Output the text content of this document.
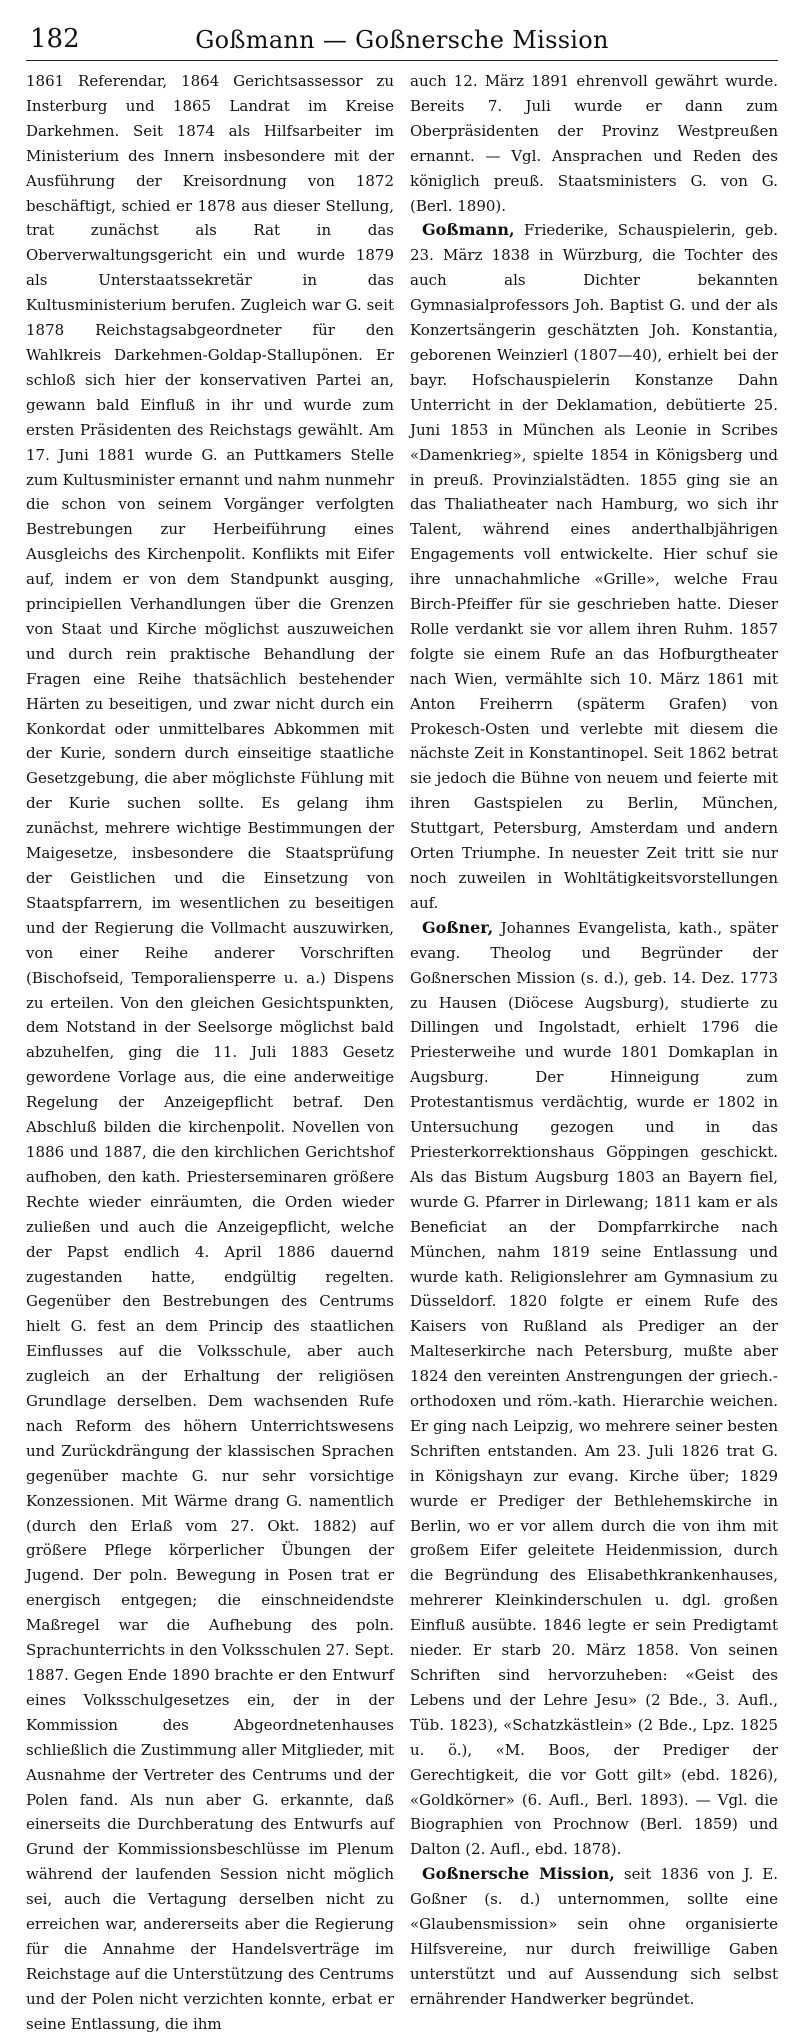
182	Goßmann — Goßnersche Mission

1861 Referendar, 1864 Gerichtsassessor zu Insterburg und 1865 Landrat im Kreise Darkehmen. Seit 1874 als Hilfsarbeiter im Ministerium des Innern insbesondere mit der Ausführung der Kreisordnung von 1872 beschäftigt, schied er 1878 aus dieser Stellung, trat zunächst als Rat in das Oberverwaltungsgericht ein und wurde 1879 als Unterstaatssekretär in das Kultusministerium berufen. Zugleich war G. seit 1878 Reichstagsabgeordneter für den Wahlkreis Darkehmen-Goldap-Stallupönen. Er schloß sich hier der konservativen Partei an, gewann bald Einfluß in ihr und wurde zum ersten Präsidenten des Reichstags gewählt. Am 17. Juni 1881 wurde G. an Puttkamers Stelle zum Kultusminister ernannt und nahm nunmehr die schon von seinem Vorgänger verfolgten Bestrebungen zur Herbeiführung eines Ausgleichs des Kirchenpolit. Konflikts mit Eifer auf, indem er von dem Standpunkt ausging, principiellen Verhandlungen über die Grenzen von Staat und Kirche möglichst auszuweichen und durch rein praktische Behandlung der Fragen eine Reihe thatsächlich bestehender Härten zu beseitigen, und zwar nicht durch ein Konkordat oder unmittelbares Abkommen mit der Kurie, sondern durch einseitige staatliche Gesetzgebung, die aber möglichste Fühlung mit der Kurie suchen sollte. Es gelang ihm zunächst, mehrere wichtige Bestimmungen der Maigesetze, insbesondere die Staatsprüfung der Geistlichen und die Einsetzung von Staatspfarrern, im wesentlichen zu beseitigen und der Regierung die Vollmacht auszuwirken, von einer Reihe anderer Vorschriften (Bischofseid, Temporaliensperre u. a.) Dispens zu erteilen. Von den gleichen Gesichtspunkten, dem Notstand in der Seelsorge möglichst bald abzuhelfen, ging die 11. Juli 1883 Gesetz gewordene Vorlage aus, die eine anderweitige Regelung der Anzeigepflicht betraf. Den Abschluß bilden die kirchenpolit. Novellen von 1886 und 1887, die den kirchlichen Gerichtshof aufhoben, den kath. Priesterseminaren größere Rechte wieder einräumten, die Orden wieder zuließen und auch die Anzeigepflicht, welche der Papst endlich 4. April 1886 dauernd zugestanden hatte, endgültig regelten. Gegenüber den Bestrebungen des Centrums hielt G. fest an dem Princip des staatlichen Einflusses auf die Volksschule, aber auch zugleich an der Erhaltung der religiösen Grundlage derselben. Dem wachsenden Rufe nach Reform des höhern Unterrichtswesens und Zurückdrängung der klassischen Sprachen gegenüber machte G. nur sehr vorsichtige Konzessionen. Mit Wärme drang G. namentlich (durch den Erlaß vom 27. Okt. 1882) auf größere Pflege körperlicher Übungen der Jugend. Der poln. Bewegung in Posen trat er energisch entgegen; die einschneidendste Maßregel war die Aufhebung des poln. Sprachunterrichts in den Volksschulen 27. Sept. 1887. Gegen Ende 1890 brachte er den Entwurf eines Volksschulgesetzes ein, der in der Kommission des Abgeordnetenhauses schließlich die Zustimmung aller Mitglieder, mit Ausnahme der Vertreter des Centrums und der Polen fand. Als nun aber G. erkannte, daß einerseits die Durchberatung des Entwurfs auf Grund der Kommissionsbeschlüsse im Plenum während der laufenden Session nicht möglich sei, auch die Vertagung derselben nicht zu erreichen war, andererseits aber die Regierung für die Annahme der Handelsverträge im Reichstage auf die Unterstützung des Centrums und der Polen nicht verzichten konnte, erbat er seine Entlassung, die ihm

auch 12. März 1891 ehrenvoll gewährt wurde. Bereits 7. Juli wurde er dann zum Oberpräsidenten der Provinz Westpreußen ernannt. — Vgl. Ansprachen und Reden des königlich preuß. Staatsministers G. von G. (Berl. 1890).

Goßmann, Friederike, Schauspielerin, geb. 23. März 1838 in Würzburg, die Tochter des auch als Dichter bekannten Gymnasialprofessors Joh. Baptist G. und der als Konzertsängerin geschätzten Joh. Konstantia, geborenen Weinzierl (1807—40), erhielt bei der bayr. Hofschauspielerin Konstanze Dahn Unterricht in der Deklamation, debütierte 25. Juni 1853 in München als Leonie in Scribes «Damenkrieg», spielte 1854 in Königsberg und in preuß. Provinzialstädten. 1855 ging sie an das Thaliatheater nach Hamburg, wo sich ihr Talent, während eines anderthalbjährigen Engagements voll entwickelte. Hier schuf sie ihre unnachahmliche «Grille», welche Frau Birch-Pfeiffer für sie geschrieben hatte. Dieser Rolle verdankt sie vor allem ihren Ruhm. 1857 folgte sie einem Rufe an das Hofburgtheater nach Wien, vermählte sich 10. März 1861 mit Anton Freiherrn (späterm Grafen) von Prokesch-Osten und verlebte mit diesem die nächste Zeit in Konstantinopel. Seit 1862 betrat sie jedoch die Bühne von neuem und feierte mit ihren Gastspielen zu Berlin, München, Stuttgart, Petersburg, Amsterdam und andern Orten Triumphe. In neuester Zeit tritt sie nur noch zuweilen in Wohltätigkeitsvorstellungen auf.

Goßner, Johannes Evangelista, kath., später evang. Theolog und Begründer der Goßnerschen Mission (s. d.), geb. 14. Dez. 1773 zu Hausen (Diöcese Augsburg), studierte zu Dillingen und Ingolstadt, erhielt 1796 die Priesterweihe und wurde 1801 Domkaplan in Augsburg. Der Hinneigung zum Protestantismus verdächtig, wurde er 1802 in Untersuchung gezogen und in das Priesterkorrektionshaus Göppingen geschickt. Als das Bistum Augsburg 1803 an Bayern fiel, wurde G. Pfarrer in Dirlewang; 1811 kam er als Beneficiat an der Dompfarrkirche nach München, nahm 1819 seine Entlassung und wurde kath. Religionslehrer am Gymnasium zu Düsseldorf. 1820 folgte er einem Rufe des Kaisers von Rußland als Prediger an der Malteserkirche nach Petersburg, mußte aber 1824 den vereinten Anstrengungen der griech.-orthodoxen und röm.-kath. Hierarchie weichen. Er ging nach Leipzig, wo mehrere seiner besten Schriften entstanden. Am 23. Juli 1826 trat G. in Königshayn zur evang. Kirche über; 1829 wurde er Prediger der Bethlehemskirche in Berlin, wo er vor allem durch die von ihm mit großem Eifer geleitete Heidenmission, durch die Begründung des Elisabethkrankenhauses, mehrerer Kleinkinderschulen u. dgl. großen Einfluß ausübte. 1846 legte er sein Predigtamt nieder. Er starb 20. März 1858. Von seinen Schriften sind hervorzuheben: «Geist des Lebens und der Lehre Jesu» (2 Bde., 3. Aufl., Tüb. 1823), «Schatzkästlein» (2 Bde., Lpz. 1825 u. ö.), «M. Boos, der Prediger der Gerechtigkeit, die vor Gott gilt» (ebd. 1826), «Goldkörner» (6. Aufl., Berl. 1893). — Vgl. die Biographien von Prochnow (Berl. 1859) und Dalton (2. Aufl., ebd. 1878).

Goßnersche Mission, seit 1836 von J. E. Goßner (s. d.) unternommen, sollte eine «Glaubensmission» sein ohne organisierte Hilfsvereine, nur durch freiwillige Gaben unterstützt und auf Aussendung sich selbst ernährender Handwerker begründet.
